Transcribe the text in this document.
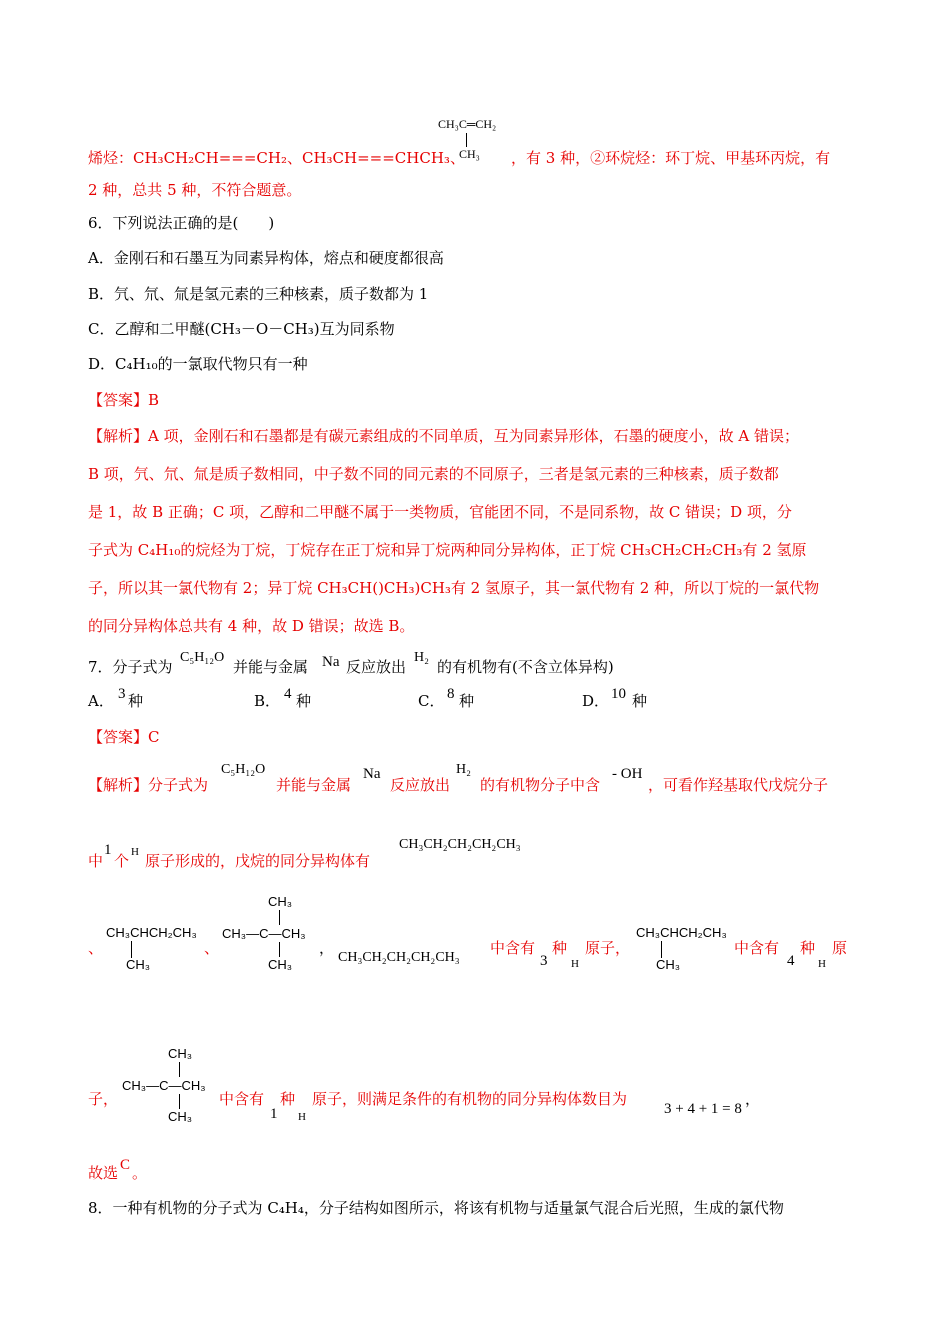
CH₃C═CH₂
CH₃
烯烃：CH₃CH₂CH===CH₂、CH₃CH===CHCH₃、	，有 3 种，②环烷烃：环丁烷、甲基环丙烷，有
2 种，总共 5 种，不符合题意。
6．下列说法正确的是(　　)
A．金刚石和石墨互为同素异构体，熔点和硬度都很高
B．氕、氘、氚是氢元素的三种核素，质子数都为 1
C．乙醇和二甲醚(CH₃－O－CH₃)互为同系物
D．C₄H₁₀的一氯取代物只有一种
【答案】B
【解析】A 项，金刚石和石墨都是有碳元素组成的不同单质，互为同素异形体，石墨的硬度小，故 A 错误；
B 项，氕、氘、氚是质子数相同，中子数不同的同元素的不同原子，三者是氢元素的三种核素，质子数都
是 1，故 B 正确；C 项，乙醇和二甲醚不属于一类物质，官能团不同，不是同系物，故 C 错误；D 项，分
子式为 C₄H₁₀的烷烃为丁烷，丁烷存在正丁烷和异丁烷两种同分异构体，正丁烷 CH₃CH₂CH₂CH₃有 2 氢原
子，所以其一氯代物有 2；异丁烷 CH₃CH()CH₃)CH₃有 2 氢原子，其一氯代物有 2 种，所以丁烷的一氯代物
的同分异构体总共有 4 种，故 D 错误；故选 B。
7．分子式为
C₅H₁₂O
并能与金属 Na 反应放出
H₂
的有机物有(不含立体异构)
A． 3 种	B． 4 种	C． 8 种	D． 10 种
【答案】C
【解析】分子式为
C₅H₁₂O
并能与金属
Na
反应放出
H₂
的有机物分子中含
- OH
，可看作羟基取代戊烷分子
中
1
个 H 原子形成的，戊烷的同分异构体有
CH₃CH₂CH₂CH₂CH₃
、
CH₃CHCH₂CH₃
CH₃
、
CH₃
CH₃—C—CH₃
CH₃
，
CH₃CH₂CH₂CH₂CH₃
中含有
3
种
H
原子，
CH₃CHCH₂CH₃
CH₃
中含有
4
种
H
原
子，
CH₃
CH₃—C—CH₃
CH₃
中含有
1
种
H
原子，则满足条件的有机物的同分异构体数目为
3 + 4 + 1 = 8
，
故选 C 。
8．一种有机物的分子式为 C₄H₄，分子结构如图所示，将该有机物与适量氯气混合后光照，生成的氯代物
